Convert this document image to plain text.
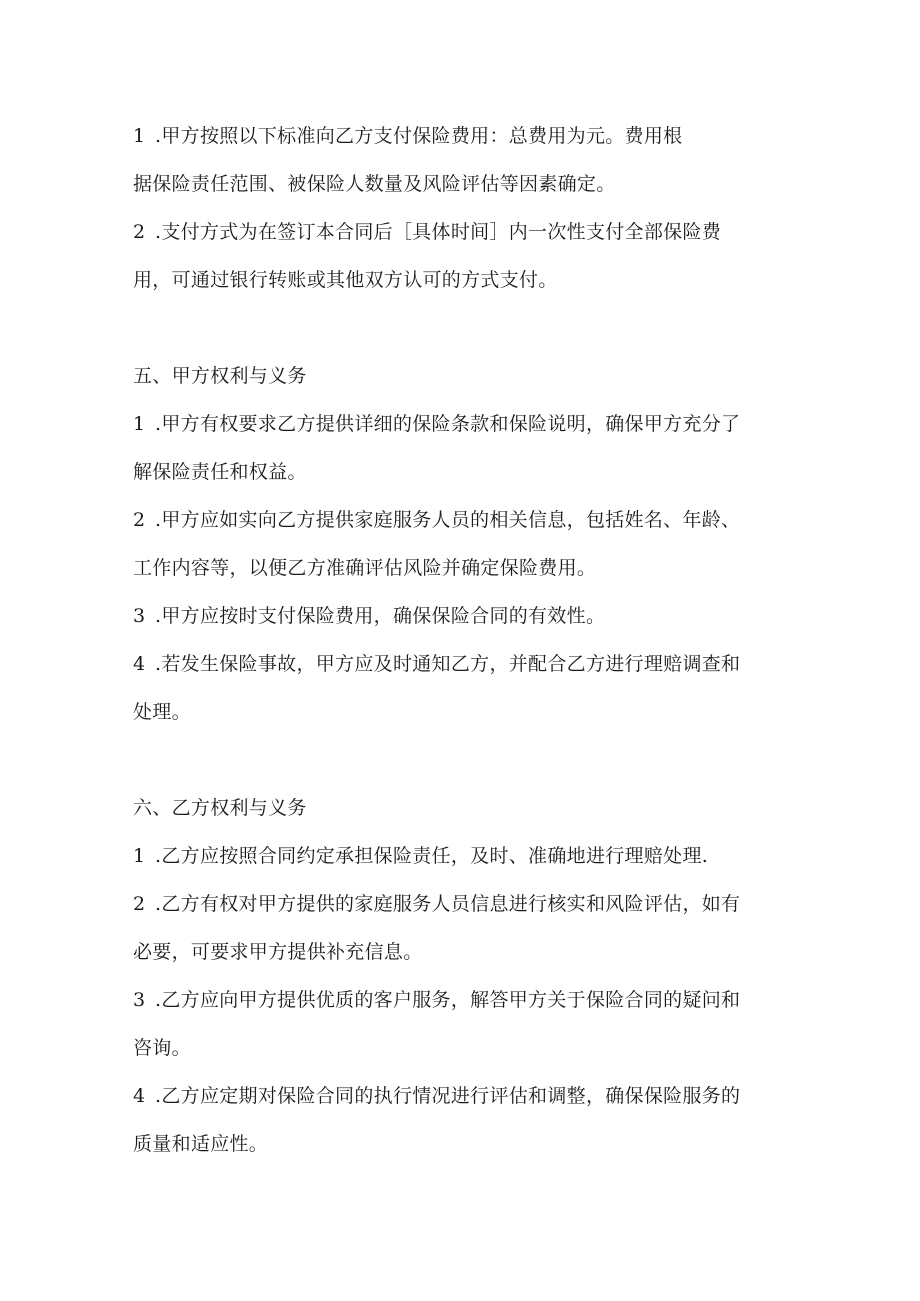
1 .甲方按照以下标准向乙方支付保险费用：总费用为元。费用根
据保险责任范围、被保险人数量及风险评估等因素确定。
2 .支付方式为在签订本合同后［具体时间］内一次性支付全部保险费
用，可通过银行转账或其他双方认可的方式支付。
五、甲方权利与义务
1 .甲方有权要求乙方提供详细的保险条款和保险说明，确保甲方充分了
解保险责任和权益。
2 .甲方应如实向乙方提供家庭服务人员的相关信息，包括姓名、年龄、
工作内容等，以便乙方准确评估风险并确定保险费用。
3 .甲方应按时支付保险费用，确保保险合同的有效性。
4 .若发生保险事故，甲方应及时通知乙方，并配合乙方进行理赔调查和
处理。
六、乙方权利与义务
1 .乙方应按照合同约定承担保险责任，及时、准确地进行理赔处理.
2 .乙方有权对甲方提供的家庭服务人员信息进行核实和风险评估，如有
必要，可要求甲方提供补充信息。
3 .乙方应向甲方提供优质的客户服务，解答甲方关于保险合同的疑问和
咨询。
4 .乙方应定期对保险合同的执行情况进行评估和调整，确保保险服务的
质量和适应性。
